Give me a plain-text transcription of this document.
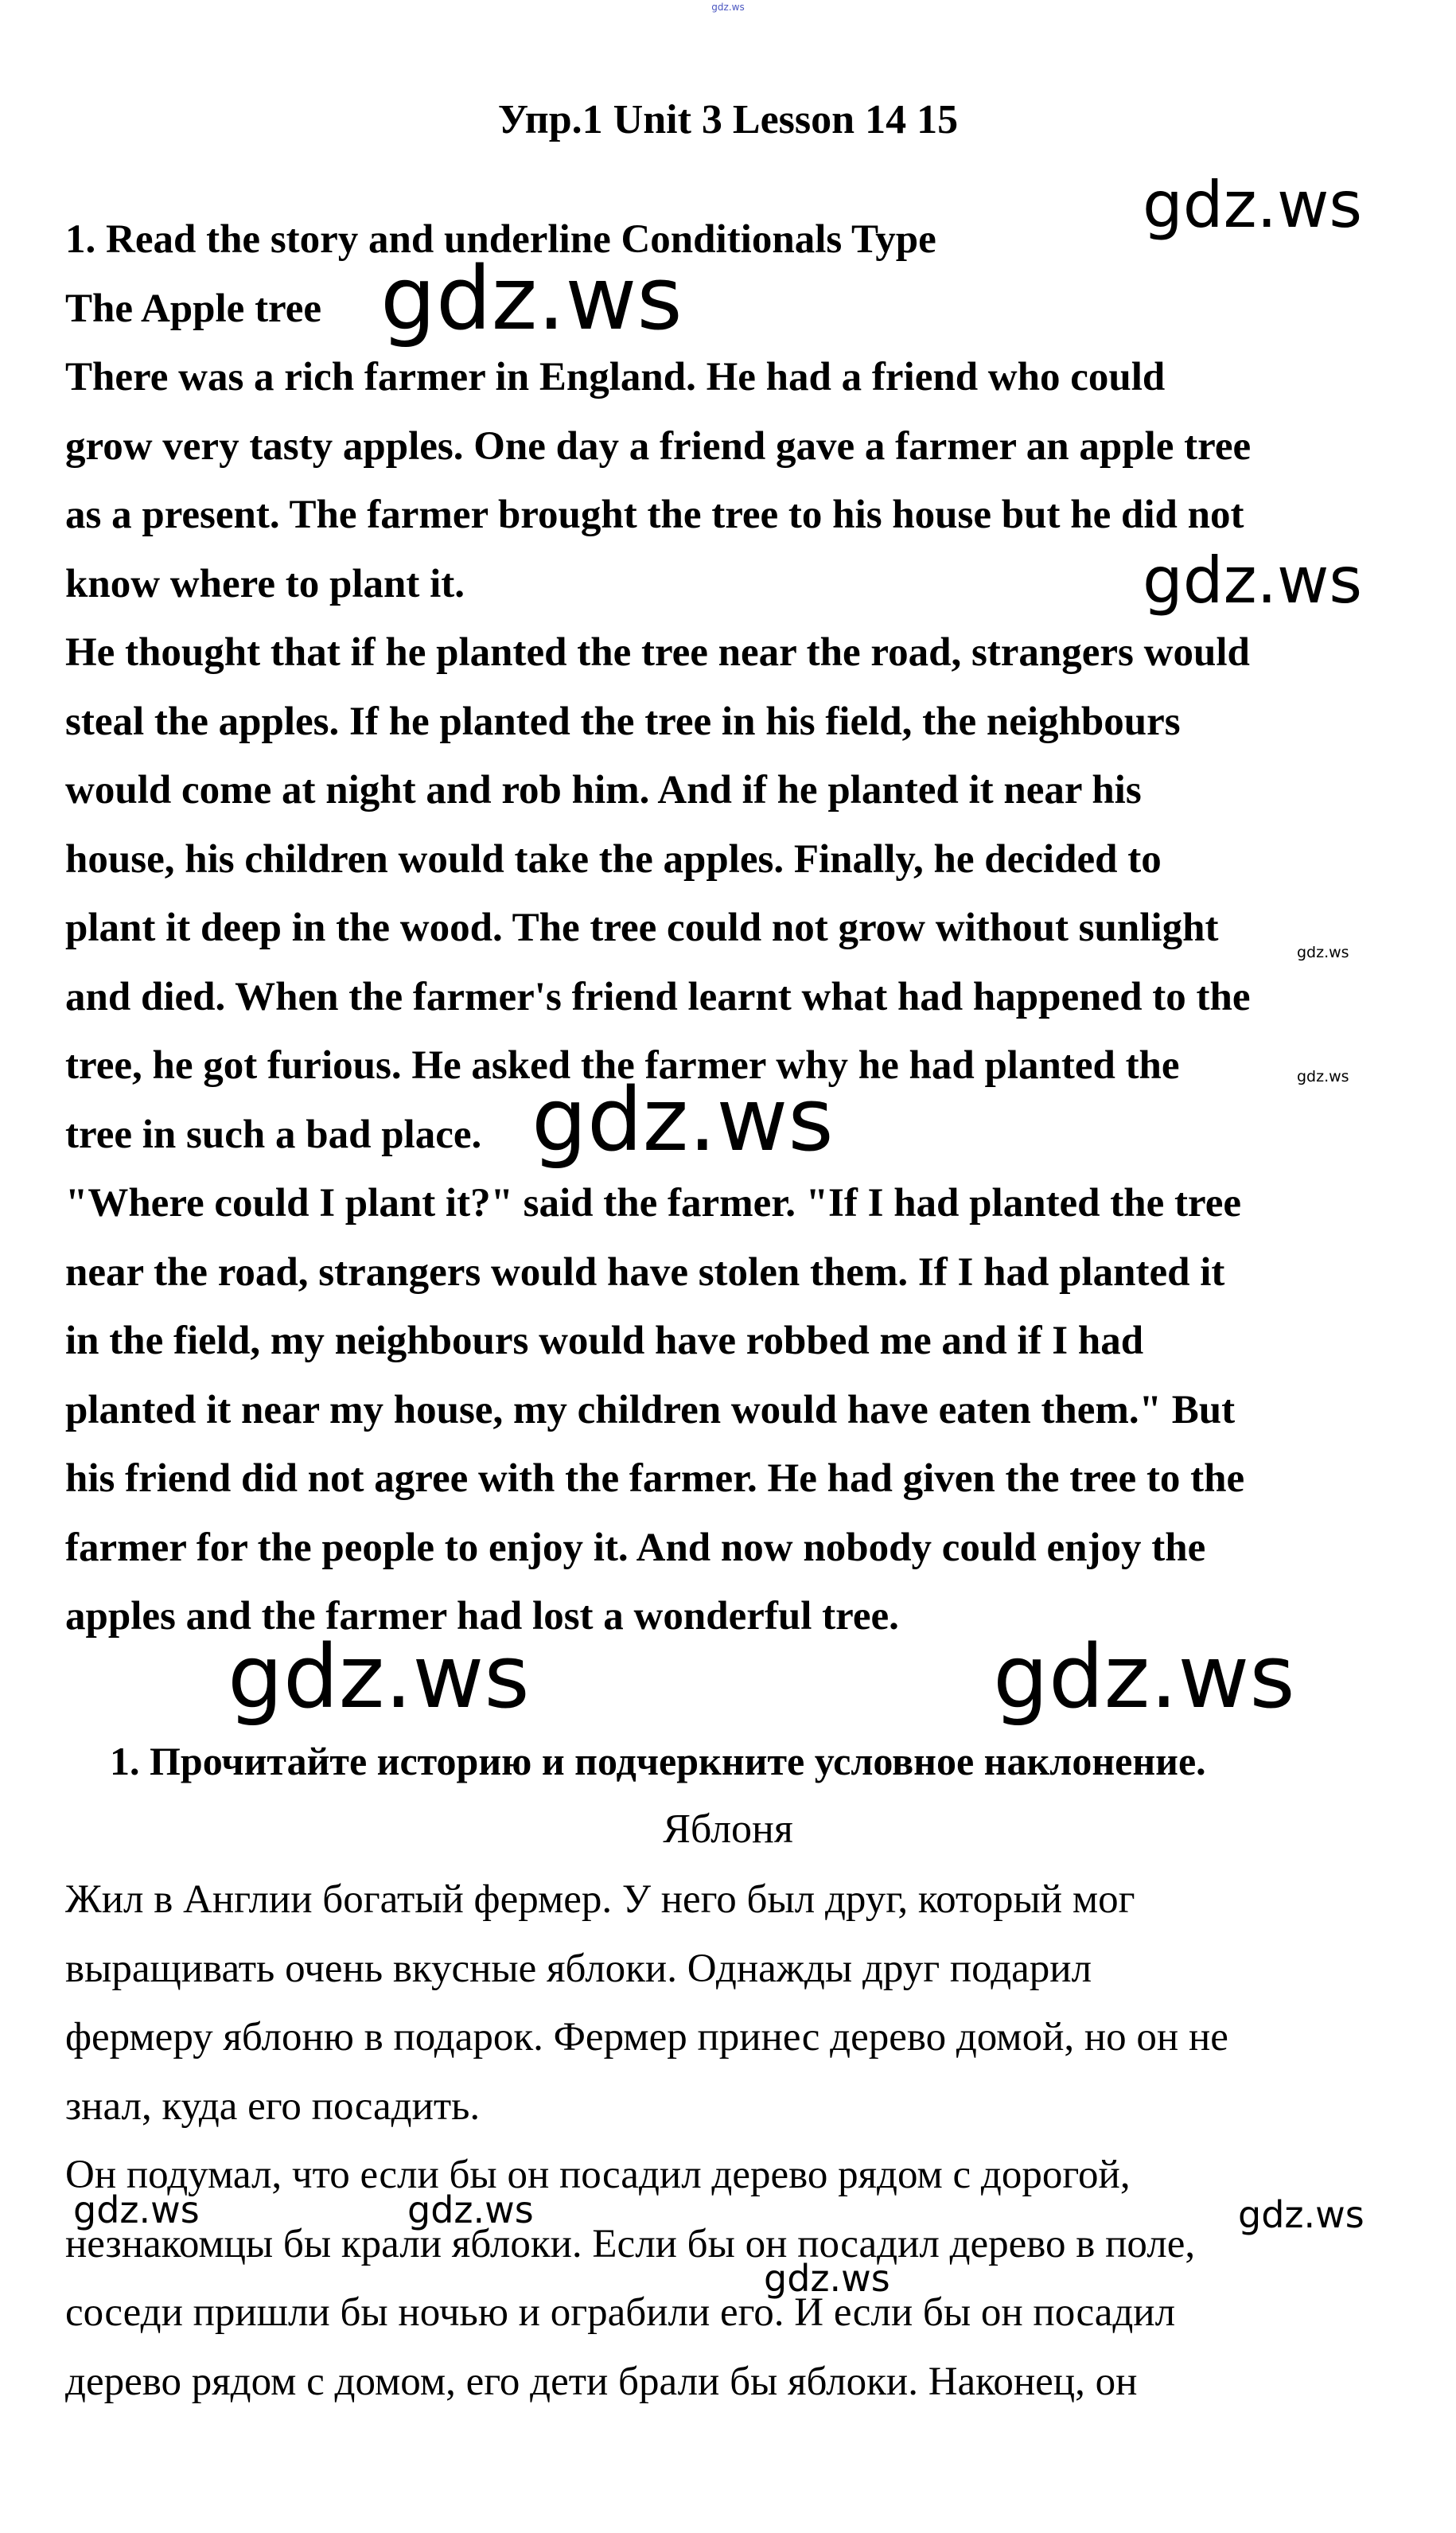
gdz.ws
Упр.1 Unit 3 Lesson 14 15
1. Read the story and underline Conditionals Type
The Apple tree
There was a rich farmer in England. He had a friend who could
grow very tasty apples. One day a friend gave a farmer an apple tree
as a present. The farmer brought the tree to his house but he did not
know where to plant it.
He thought that if he planted the tree near the road, strangers would
steal the apples. If he planted the tree in his field, the neighbours
would come at night and rob him. And if he planted it near his
house, his children would take the apples. Finally, he decided to
plant it deep in the wood. The tree could not grow without sunlight
and died. When the farmer's friend learnt what had happened to the
tree, he got furious. He asked the farmer why he had planted the
tree in such a bad place.
"Where could I plant it?" said the farmer. "If I had planted the tree
near the road, strangers would have stolen them. If I had planted it
in the field, my neighbours would have robbed me and if I had
planted it near my house, my children would have eaten them." But
his friend did not agree with the farmer. He had given the tree to the
farmer for the people to enjoy it. And now nobody could enjoy the
apples and the farmer had lost a wonderful tree.
1. Прочитайте историю и подчеркните условное наклонение.
Яблоня
Жил в Англии богатый фермер. У него был друг, который мог
выращивать очень вкусные яблоки. Однажды друг подарил
фермеру яблоню в подарок. Фермер принес дерево домой, но он не
знал, куда его посадить.
Он подумал, что если бы он посадил дерево рядом с дорогой,
незнакомцы бы крали яблоки. Если бы он посадил дерево в поле,
соседи пришли бы ночью и ограбили его. И если бы он посадил
дерево рядом с домом, его дети брали бы яблоки. Наконец, он
gdz.ws
gdz.ws
gdz.ws
gdz.ws
gdz.ws
gdz.ws
gdz.ws	gdz.ws
gdz.ws	gdz.ws	gdz.ws
gdz.ws
